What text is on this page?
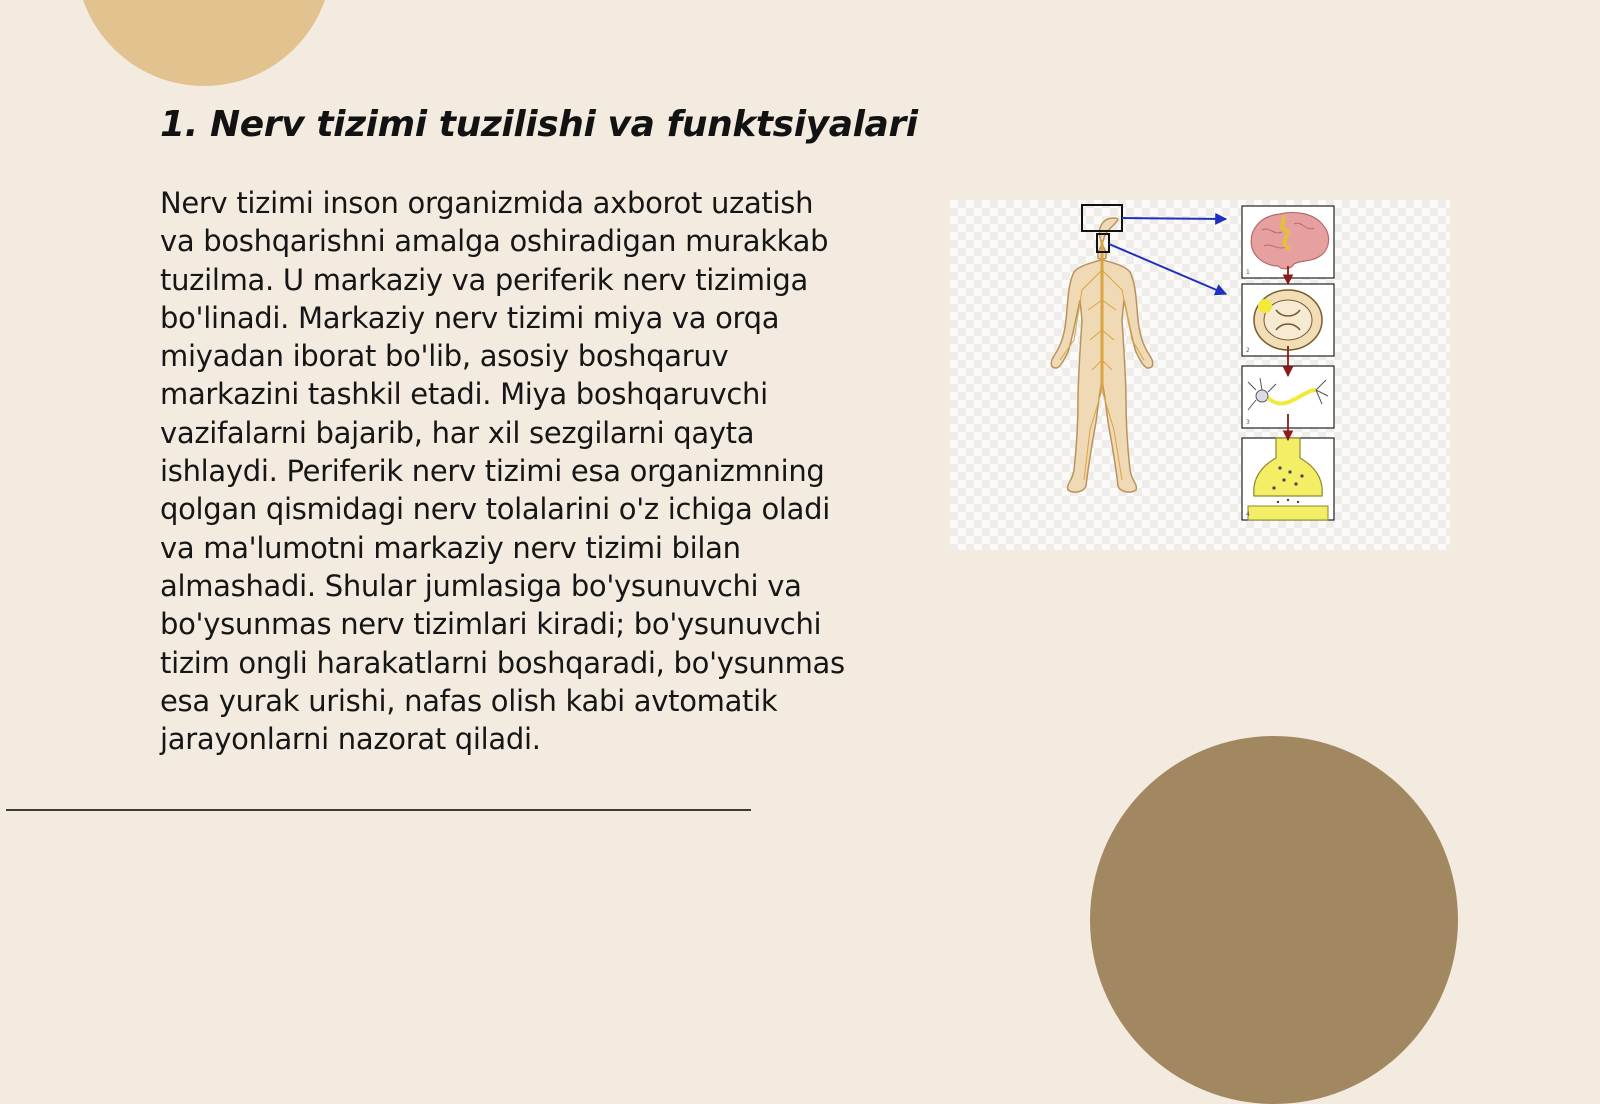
1. Nerv tizimi tuzilishi va funktsiyalari

Nerv tizimi inson organizmida axborot uzatish va boshqarishni amalga oshiradigan murakkab tuzilma. U markaziy va periferik nerv tizimiga bo'linadi. Markaziy nerv tizimi miya va orqa miyadan iborat bo'lib, asosiy boshqaruv markazini tashkil etadi. Miya boshqaruvchi vazifalarni bajarib, har xil sezgilarni qayta ishlaydi. Periferik nerv tizimi esa organizmning qolgan qismidagi nerv tolalarini o'z ichiga oladi va ma'lumotni markaziy nerv tizimi bilan almashadi. Shular jumlasiga bo'ysunuvchi va bo'ysunmas nerv tizimlari kiradi; bo'ysunuvchi tizim ongli harakatlarni boshqaradi, bo'ysunmas esa yurak urishi, nafas olish kabi avtomatik jarayonlarni nazorat qiladi.

1
2
3
4
